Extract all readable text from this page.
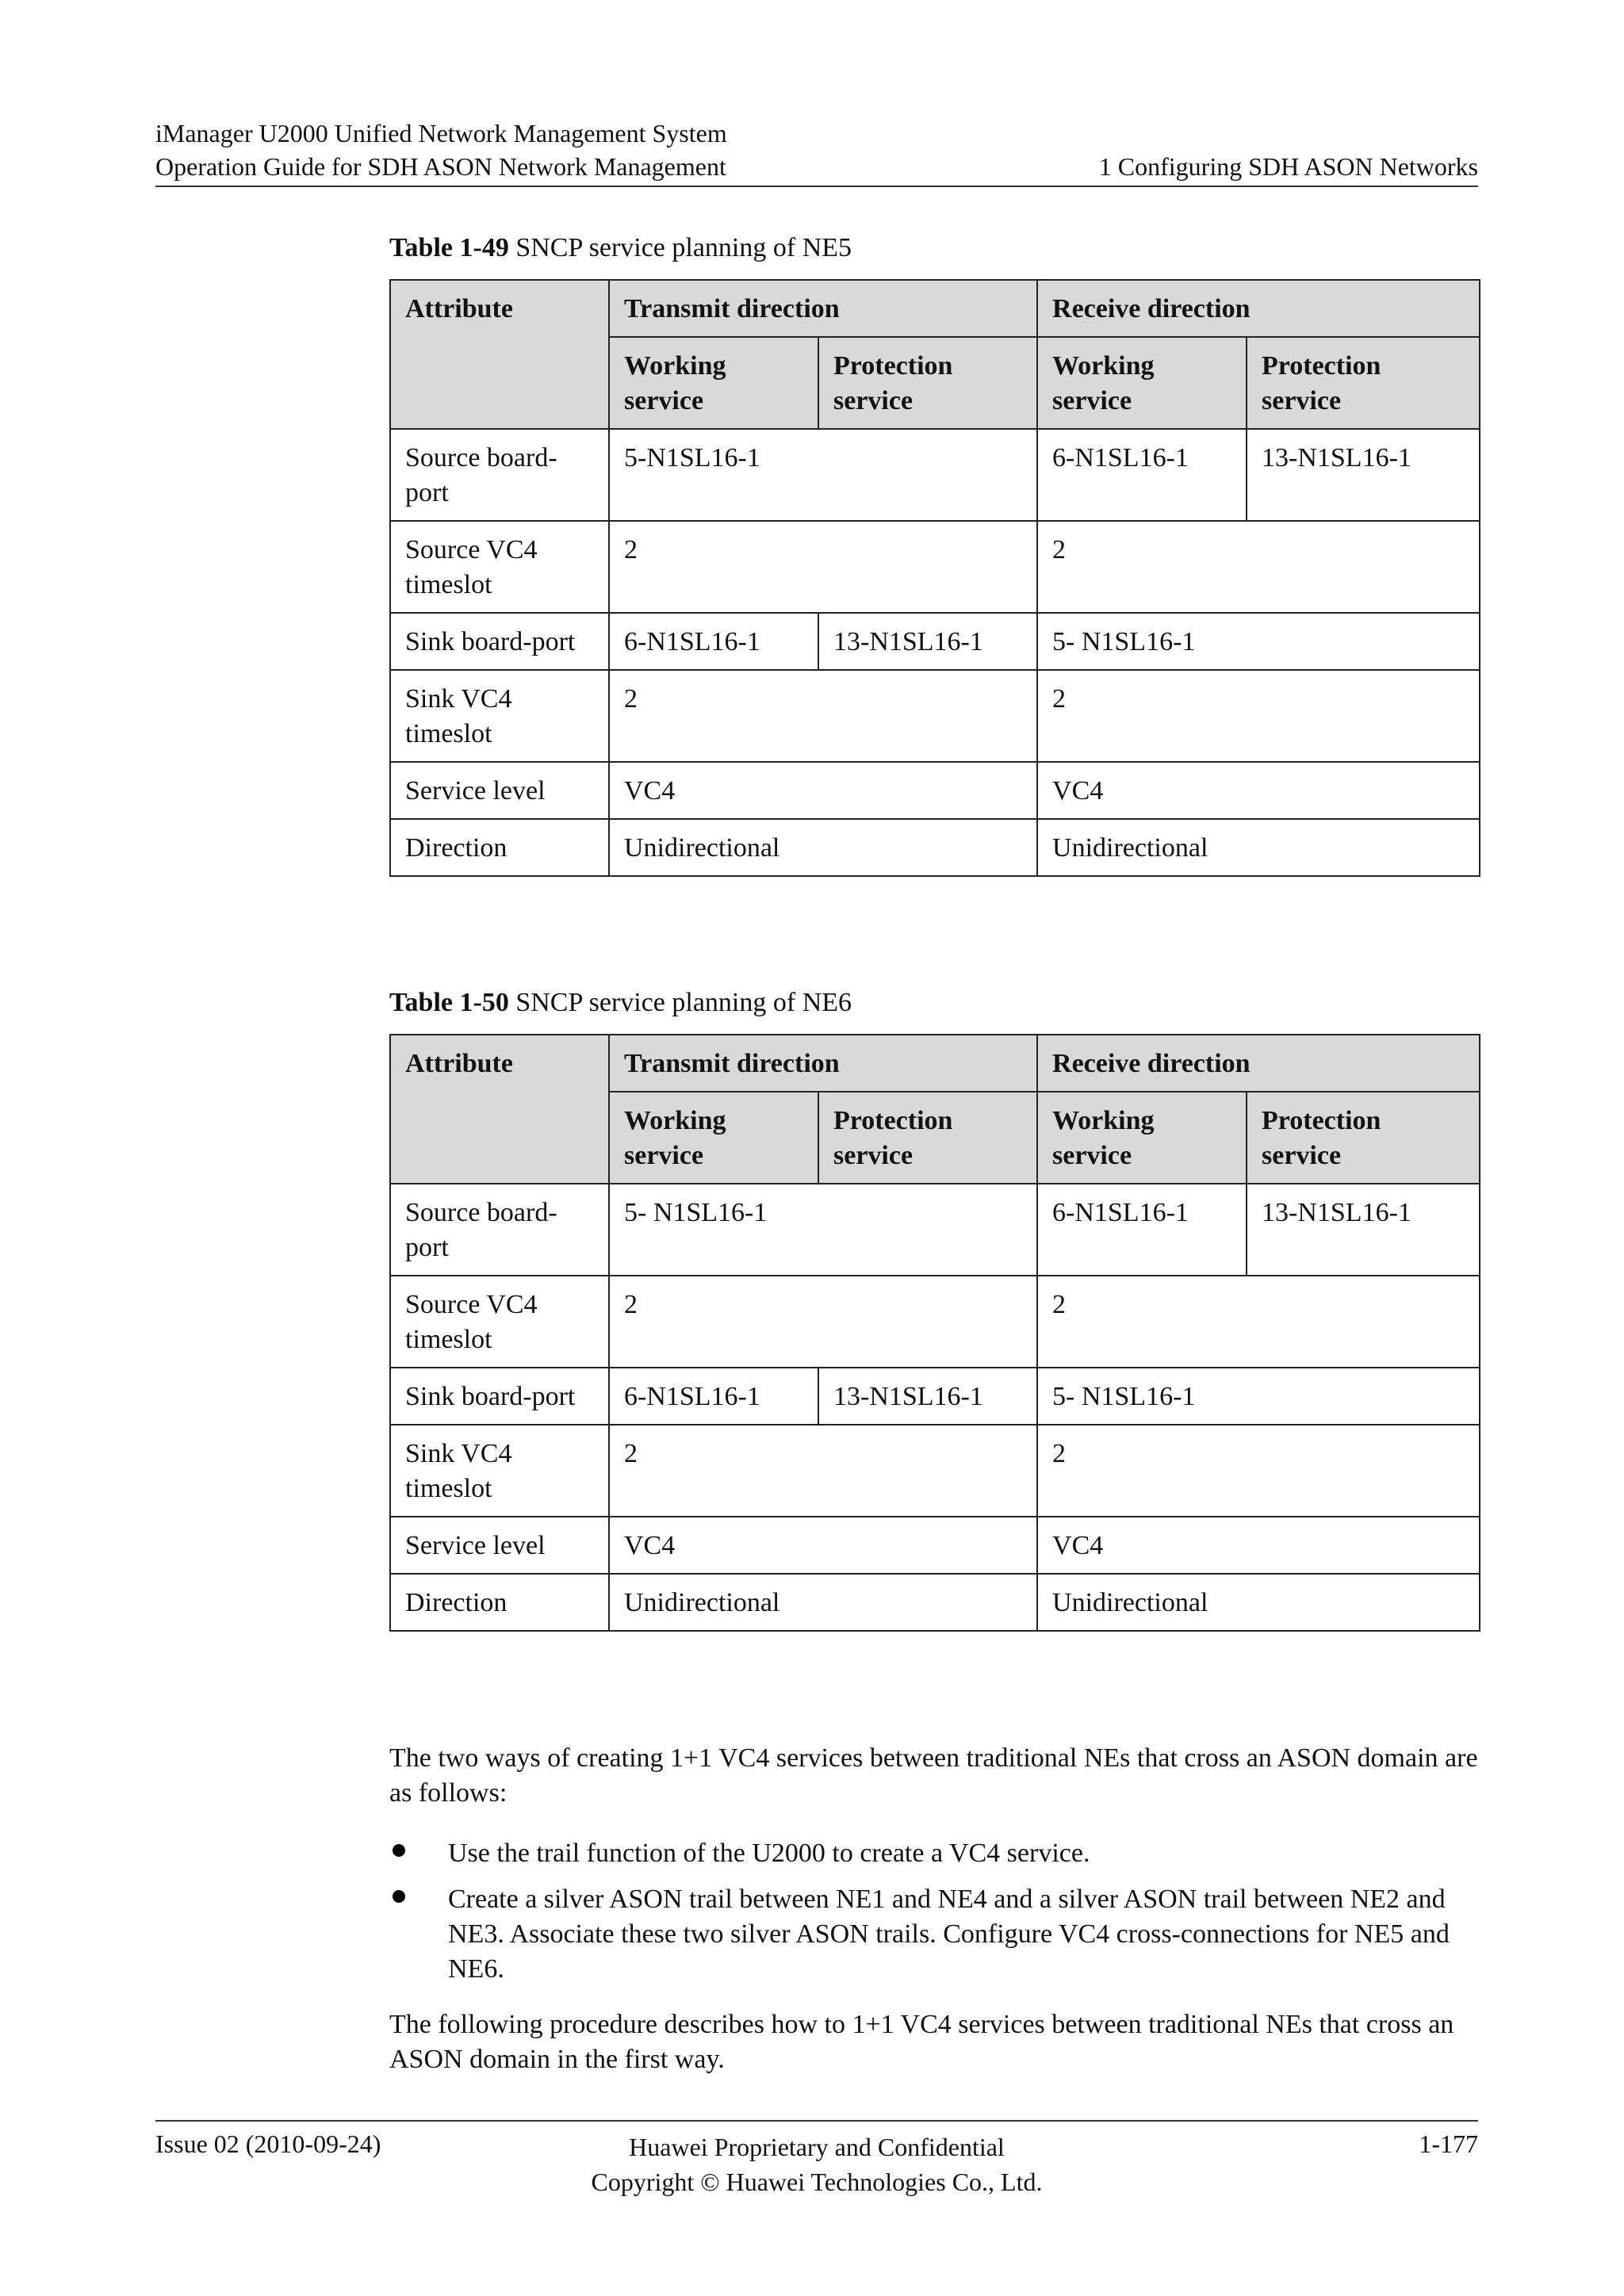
iManager U2000 Unified Network Management System
Operation Guide for SDH ASON Network Management	1 Configuring SDH ASON Networks
Table 1-49 SNCP service planning of NE5
Attribute	Transmit direction		Receive direction	
	Working service	Protection service	Working service	Protection service
Source board-port	5-N1SL16-1		6-N1SL16-1	13-N1SL16-1
Source VC4 timeslot	2		2	
Sink board-port	6-N1SL16-1	13-N1SL16-1	5- N1SL16-1	
Sink VC4 timeslot	2		2	
Service level	VC4		VC4	
Direction	Unidirectional		Unidirectional	
Table 1-50 SNCP service planning of NE6
Attribute	Transmit direction		Receive direction	
	Working service	Protection service	Working service	Protection service
Source board-port	5- N1SL16-1		6-N1SL16-1	13-N1SL16-1
Source VC4 timeslot	2		2	
Sink board-port	6-N1SL16-1	13-N1SL16-1	5- N1SL16-1	
Sink VC4 timeslot	2		2	
Service level	VC4		VC4	
Direction	Unidirectional		Unidirectional	
The two ways of creating 1+1 VC4 services between traditional NEs that cross an ASON domain are as follows:
Use the trail function of the U2000 to create a VC4 service.
Create a silver ASON trail between NE1 and NE4 and a silver ASON trail between NE2 and NE3. Associate these two silver ASON trails. Configure VC4 cross-connections for NE5 and NE6.
The following procedure describes how to 1+1 VC4 services between traditional NEs that cross an ASON domain in the first way.
Issue 02 (2010-09-24)	Huawei Proprietary and Confidential
Copyright © Huawei Technologies Co., Ltd.
1-177
